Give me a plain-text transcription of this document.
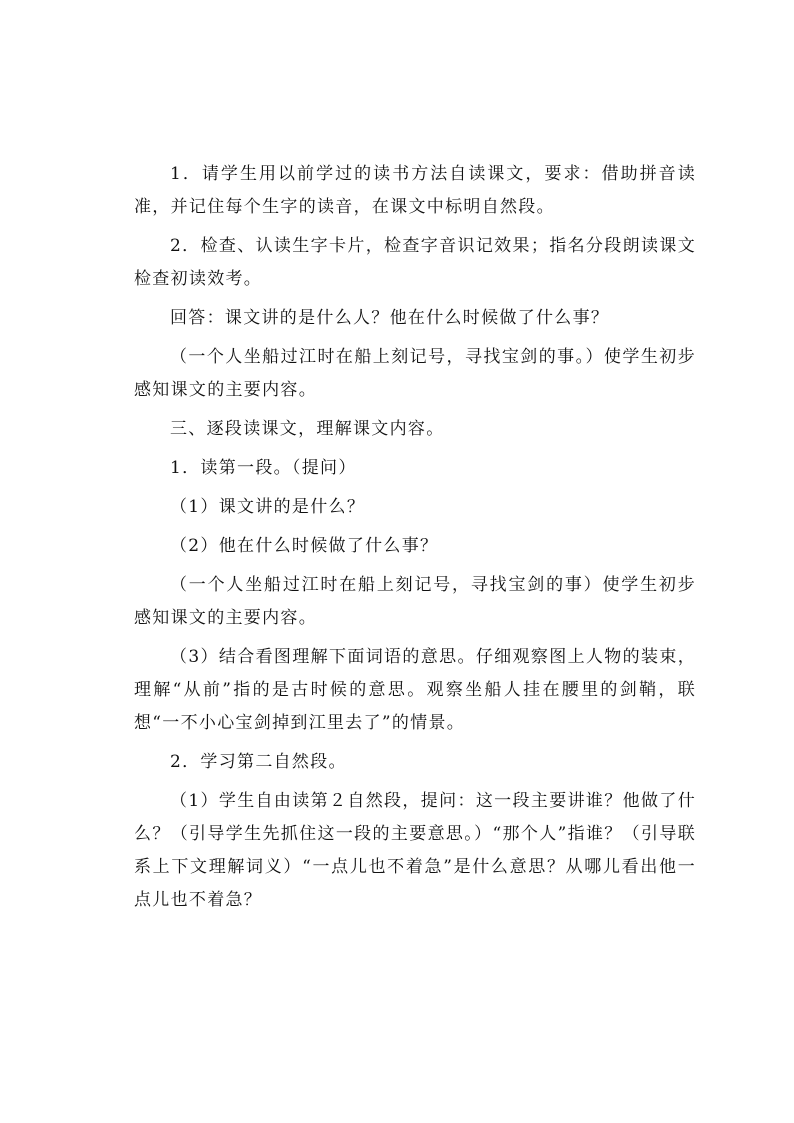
1．请学生用以前学过的读书方法自读课文，要求：借助拼音读准，并记住每个生字的读音，在课文中标明自然段。

2．检查、认读生字卡片，检查字音识记效果；指名分段朗读课文检查初读效考。

回答：课文讲的是什么人？他在什么时候做了什么事？

（一个人坐船过江时在船上刻记号，寻找宝剑的事。）使学生初步感知课文的主要内容。

三、逐段读课文，理解课文内容。

1．读第一段。（提问）

（1）课文讲的是什么？

（2）他在什么时候做了什么事？

（一个人坐船过江时在船上刻记号，寻找宝剑的事）使学生初步感知课文的主要内容。

（3）结合看图理解下面词语的意思。仔细观察图上人物的装束，理解“从前”指的是古时候的意思。观察坐船人挂在腰里的剑鞘，联想“一不小心宝剑掉到江里去了”的情景。

2．学习第二自然段。

（1）学生自由读第２自然段，提问：这一段主要讲谁？他做了什么？（引导学生先抓住这一段的主要意思。）“那个人”指谁？（引导联系上下文理解词义）“一点儿也不着急”是什么意思？从哪儿看出他一点儿也不着急？
